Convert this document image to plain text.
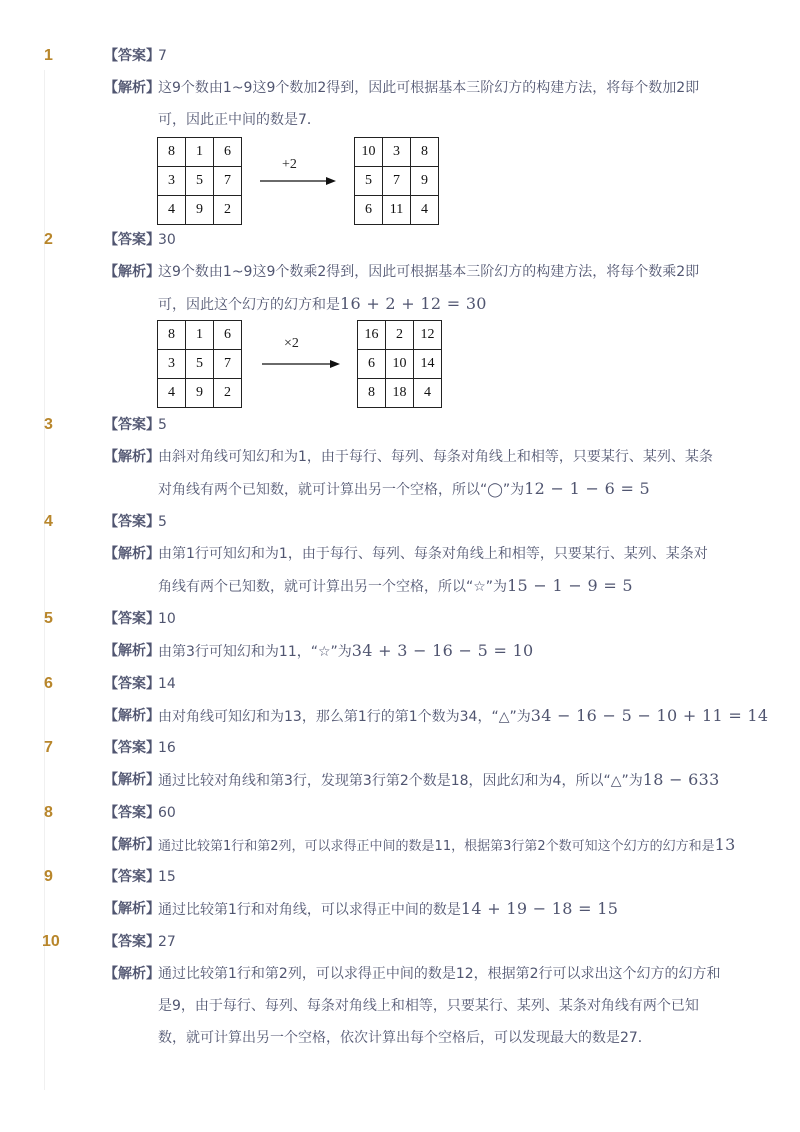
1	【答案】
7
【解析】
这9个数由1~9这9个数加2得到，因此可根据基本三阶幻方的构建方法，将每个数加2即
可，因此正中间的数是7．
8	1	6
3	5	7
4	9	2
+2
10	3	8
5	7	9
6	11	4
2	【答案】
30
【解析】
这9个数由1~9这9个数乘2得到，因此可根据基本三阶幻方的构建方法，将每个数乘2即
可，因此这个幻方的幻方和是16 + 2 + 12 = 30
8	1	6
3	5	7
4	9	2
×2
16	2	12
6	10	14
8	18	4
3	【答案】
5
【解析】
由斜对角线可知幻和为1，由于每行、每列、每条对角线上和相等，只要某行、某列、某条
对角线有两个已知数，就可计算出另一个空格，所以“◯”为12 − 1 − 6 = 5
4	【答案】
5
【解析】
由第1行可知幻和为1，由于每行、每列、每条对角线上和相等，只要某行、某列、某条对
角线有两个已知数，就可计算出另一个空格，所以“☆”为15 − 1 − 9 = 5
5	【答案】
10
【解析】
由第3行可知幻和为11，“☆”为34 + 3 − 16 − 5 = 10
6	【答案】
14
【解析】
由对角线可知幻和为13，那么第1行的第1个数为34，“△”为34 − 16 − 5 − 10 + 11 = 14
7	【答案】
16
【解析】
通过比较对角线和第3行，发现第3行第2个数是18，因此幻和为4，所以“△”为18 − 633
8	【答案】
60
【解析】
通过比较第1行和第2列，可以求得正中间的数是11，根据第3行第2个数可知这个幻方的幻方和是13
9	【答案】
15
【解析】
通过比较第1行和对角线，可以求得正中间的数是14 + 19 − 18 = 15
10	【答案】
27
【解析】
通过比较第1行和第2列，可以求得正中间的数是12，根据第2行可以求出这个幻方的幻方和
是9，由于每行、每列、每条对角线上和相等，只要某行、某列、某条对角线有两个已知
数，就可计算出另一个空格，依次计算出每个空格后，可以发现最大的数是27．
